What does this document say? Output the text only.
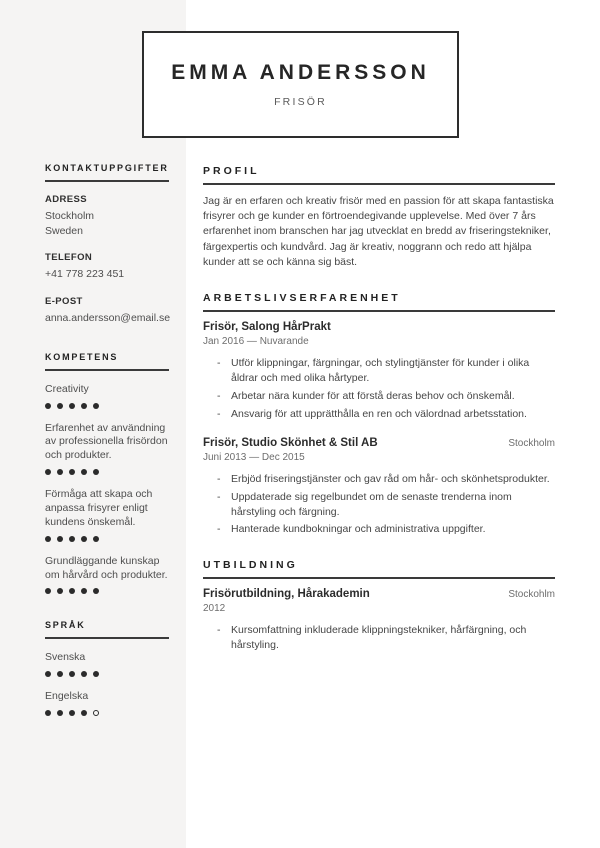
KONTAKTUPPGIFTER
ADRESS
Stockholm
Sweden
TELEFON
+41 778 223 451
E-POST
anna.andersson@email.se
KOMPETENS
Creativity
Erfarenhet av användning av professionella frisördon och produkter.
Förmåga att skapa och anpassa frisyrer enligt kundens önskemål.
Grundläggande kunskap om hårvård och produkter.
SPRÅK
Svenska
Engelska
EMMA ANDERSSON
FRISÖR
PROFIL

Jag är en erfaren och kreativ frisör med en passion för att skapa fantastiska frisyrer och ge kunder en förtroendegivande upplevelse. Med över 7 års erfarenhet inom branschen har jag utvecklat en bredd av friseringstekniker, färgexpertis och kundvård. Jag är kreativ, noggrann och redo att hjälpa kunder att se och känna sig bäst.

ARBETSLIVSERFARENHET
Frisör, Salong HårPrakt
Jan 2016 — Nuvarande
-	Utför klippningar, färgningar, och stylingtjänster för kunder i olika åldrar och med olika hårtyper.
-	Arbetar nära kunder för att förstå deras behov och önskemål.
-	Ansvarig för att upprätthålla en ren och välordnad arbetsstation.
Frisör, Studio Skönhet & Stil AB	Stockholm
Juni 2013 — Dec 2015
-	Erbjöd friseringstjänster och gav råd om hår- och skönhetsprodukter.
-	Uppdaterade sig regelbundet om de senaste trenderna inom hårstyling och färgning.
-	Hanterade kundbokningar och administrativa uppgifter.
UTBILDNING
Frisörutbildning, Hårakademin	Stockohlm
2012
-	Kursomfattning inkluderade klippningstekniker, hårfärgning, och hårstyling.
